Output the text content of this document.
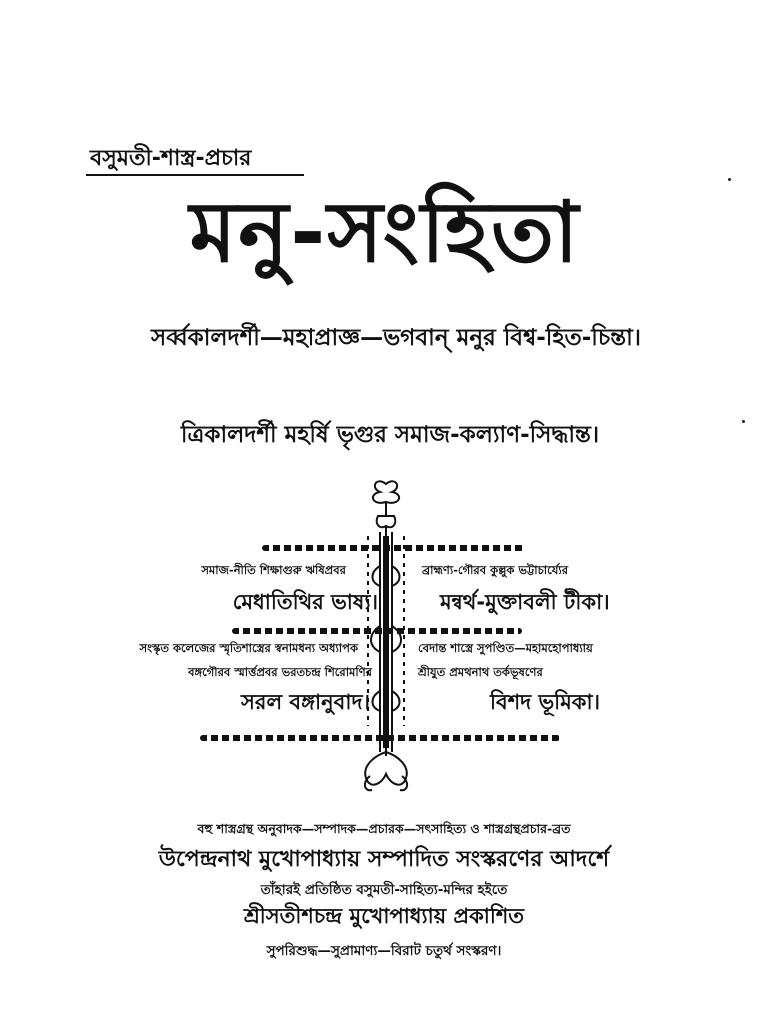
বসুমতী-শাস্ত্র-প্রচার
মনু-সংহিতা
সর্ব্বকালদর্শী—মহাপ্রাজ্ঞ—ভগবান্ মনুর বিশ্ব-হিত-চিন্তা।
ত্রিকালদর্শী মহর্ষি ভৃগুর সমাজ-কল্যাণ-সিদ্ধান্ত।
সমাজ-নীতি শিক্ষাগুরু ঋষিপ্রবর
মেধাতিথির ভাষ্য।
ব্রাহ্মণ্য-গৌরব কুল্লুক ভট্টাচার্য্যের
মন্বর্থ-মুক্তাবলী টীকা।
সংস্কৃত কলেজের স্মৃতিশাস্ত্রের স্বনামধন্য অধ্যাপক
বঙ্গগৌরব স্মার্ত্তপ্রবর ভরতচন্দ্র শিরোমণির
সরল বঙ্গানুবাদ।
বেদান্ত শাস্ত্রে সুপণ্ডিত—মহামহোপাধ্যায়
শ্রীযুত প্রমথনাথ তর্কভূষণের
বিশদ ভূমিকা।
বহু শাস্ত্রগ্রন্থ অনুবাদক—সম্পাদক—প্রচারক—সৎসাহিত্য ও শাস্ত্রগ্রন্থপ্রচার-ব্রত
উপেন্দ্রনাথ মুখোপাধ্যায় সম্পাদিত সংস্করণের আদর্শে
তাঁহারই প্রতিষ্ঠিত বসুমতী-সাহিত্য-মন্দির হইতে
শ্রীসতীশচন্দ্র মুখোপাধ্যায় প্রকাশিত
সুপরিশুদ্ধ—সুপ্রামাণ্য—বিরাট চতুর্থ সংস্করণ।
